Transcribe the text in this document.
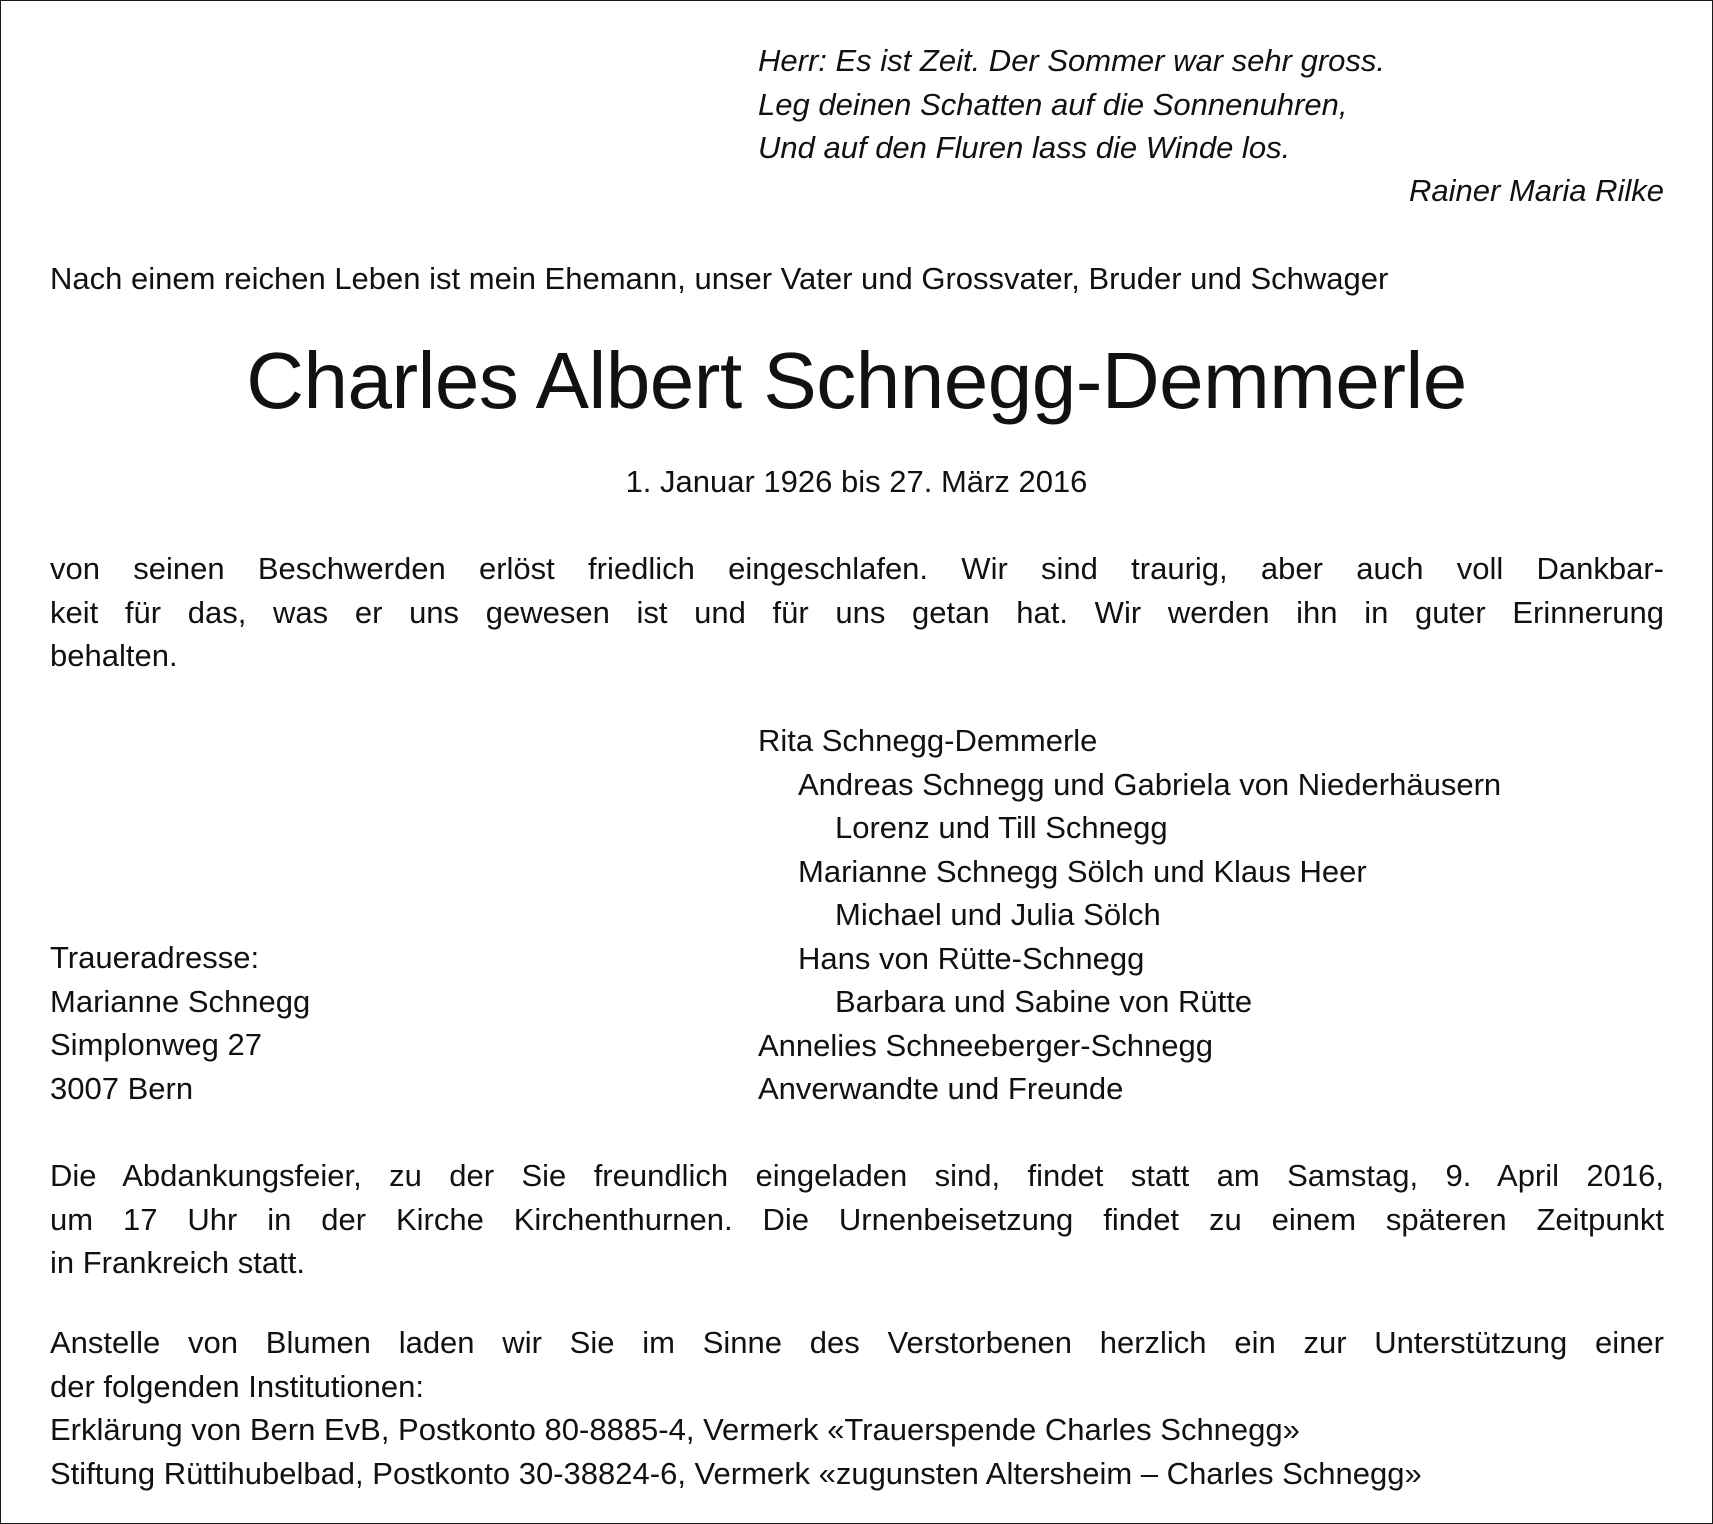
Herr: Es ist Zeit. Der Sommer war sehr gross.
Leg deinen Schatten auf die Sonnenuhren,
Und auf den Fluren lass die Winde los.
Rainer Maria Rilke
Nach einem reichen Leben ist mein Ehemann, unser Vater und Grossvater, Bruder und Schwager
Charles Albert Schnegg-Demmerle
1. Januar 1926 bis 27. März 2016
von seinen Beschwerden erlöst friedlich eingeschlafen. Wir sind traurig, aber auch voll Dankbar-
keit für das, was er uns gewesen ist und für uns getan hat. Wir werden ihn in guter Erinnerung
behalten.
Rita Schnegg-Demmerle
Andreas Schnegg und Gabriela von Niederhäusern
Lorenz und Till Schnegg
Marianne Schnegg Sölch und Klaus Heer
Michael und Julia Sölch
Hans von Rütte-Schnegg
Barbara und Sabine von Rütte
Annelies Schneeberger-Schnegg
Anverwandte und Freunde
Traueradresse:
Marianne Schnegg
Simplonweg 27
3007 Bern
Die Abdankungsfeier, zu der Sie freundlich eingeladen sind, findet statt am Samstag, 9. April 2016,
um 17 Uhr in der Kirche Kirchenthurnen. Die Urnenbeisetzung findet zu einem späteren Zeitpunkt
in Frankreich statt.
Anstelle von Blumen laden wir Sie im Sinne des Verstorbenen herzlich ein zur Unterstützung einer
der folgenden Institutionen:
Erklärung von Bern EvB, Postkonto 80-8885-4, Vermerk «Trauerspende Charles Schnegg»
Stiftung Rüttihubelbad, Postkonto 30-38824-6, Vermerk «zugunsten Altersheim – Charles Schnegg»
